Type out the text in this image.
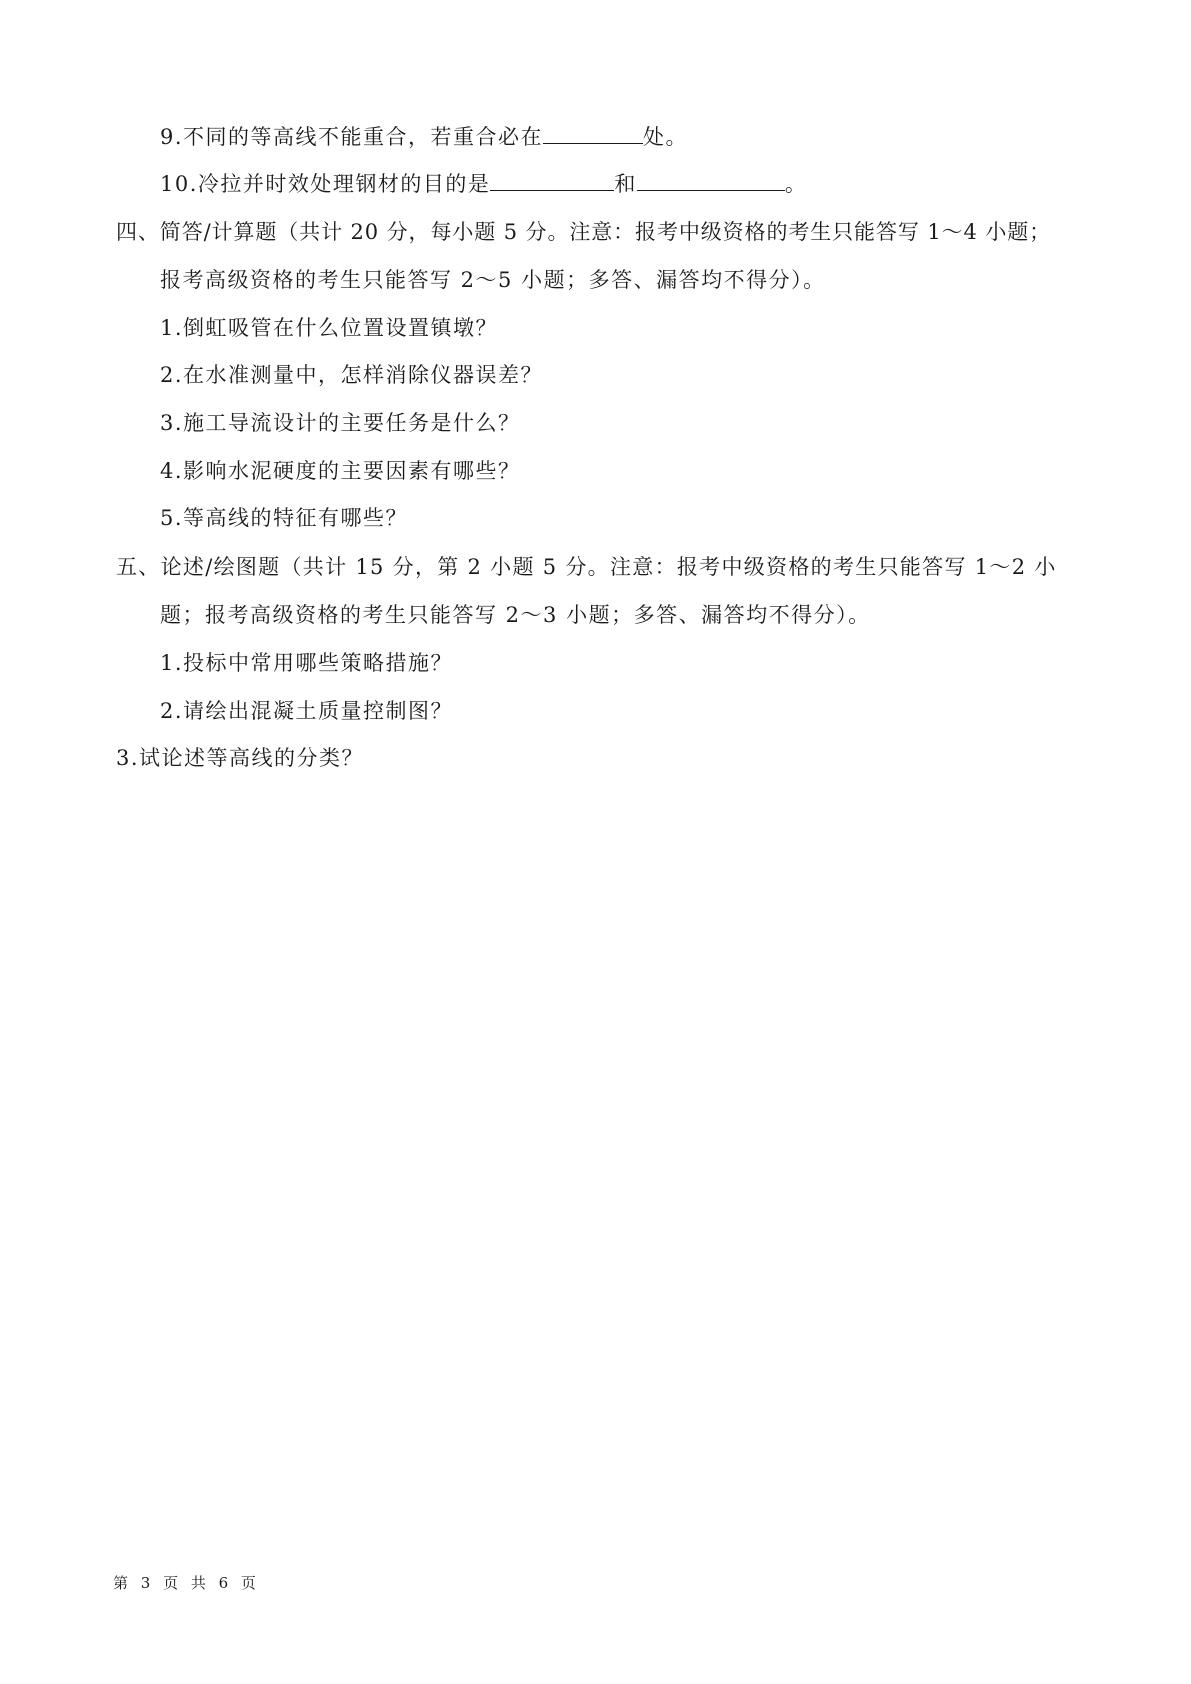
9.不同的等高线不能重合，若重合必在	处。
10.冷拉并时效处理钢材的目的是	和	。
四、简答/计算题（共计 20 分，每小题 5 分。注意：报考中级资格的考生只能答写 1～4 小题；
报考高级资格的考生只能答写 2～5 小题；多答、漏答均不得分）。
1.倒虹吸管在什么位置设置镇墩？
2.在水准测量中，怎样消除仪器误差？
3.施工导流设计的主要任务是什么？
4.影响水泥硬度的主要因素有哪些？
5.等高线的特征有哪些？
五、论述/绘图题（共计 15 分，第 2 小题 5 分。注意：报考中级资格的考生只能答写 1～2 小
题；报考高级资格的考生只能答写 2～3 小题；多答、漏答均不得分）。
1.投标中常用哪些策略措施？
2.请绘出混凝土质量控制图？
3.试论述等高线的分类？
第 3 页 共 6 页
